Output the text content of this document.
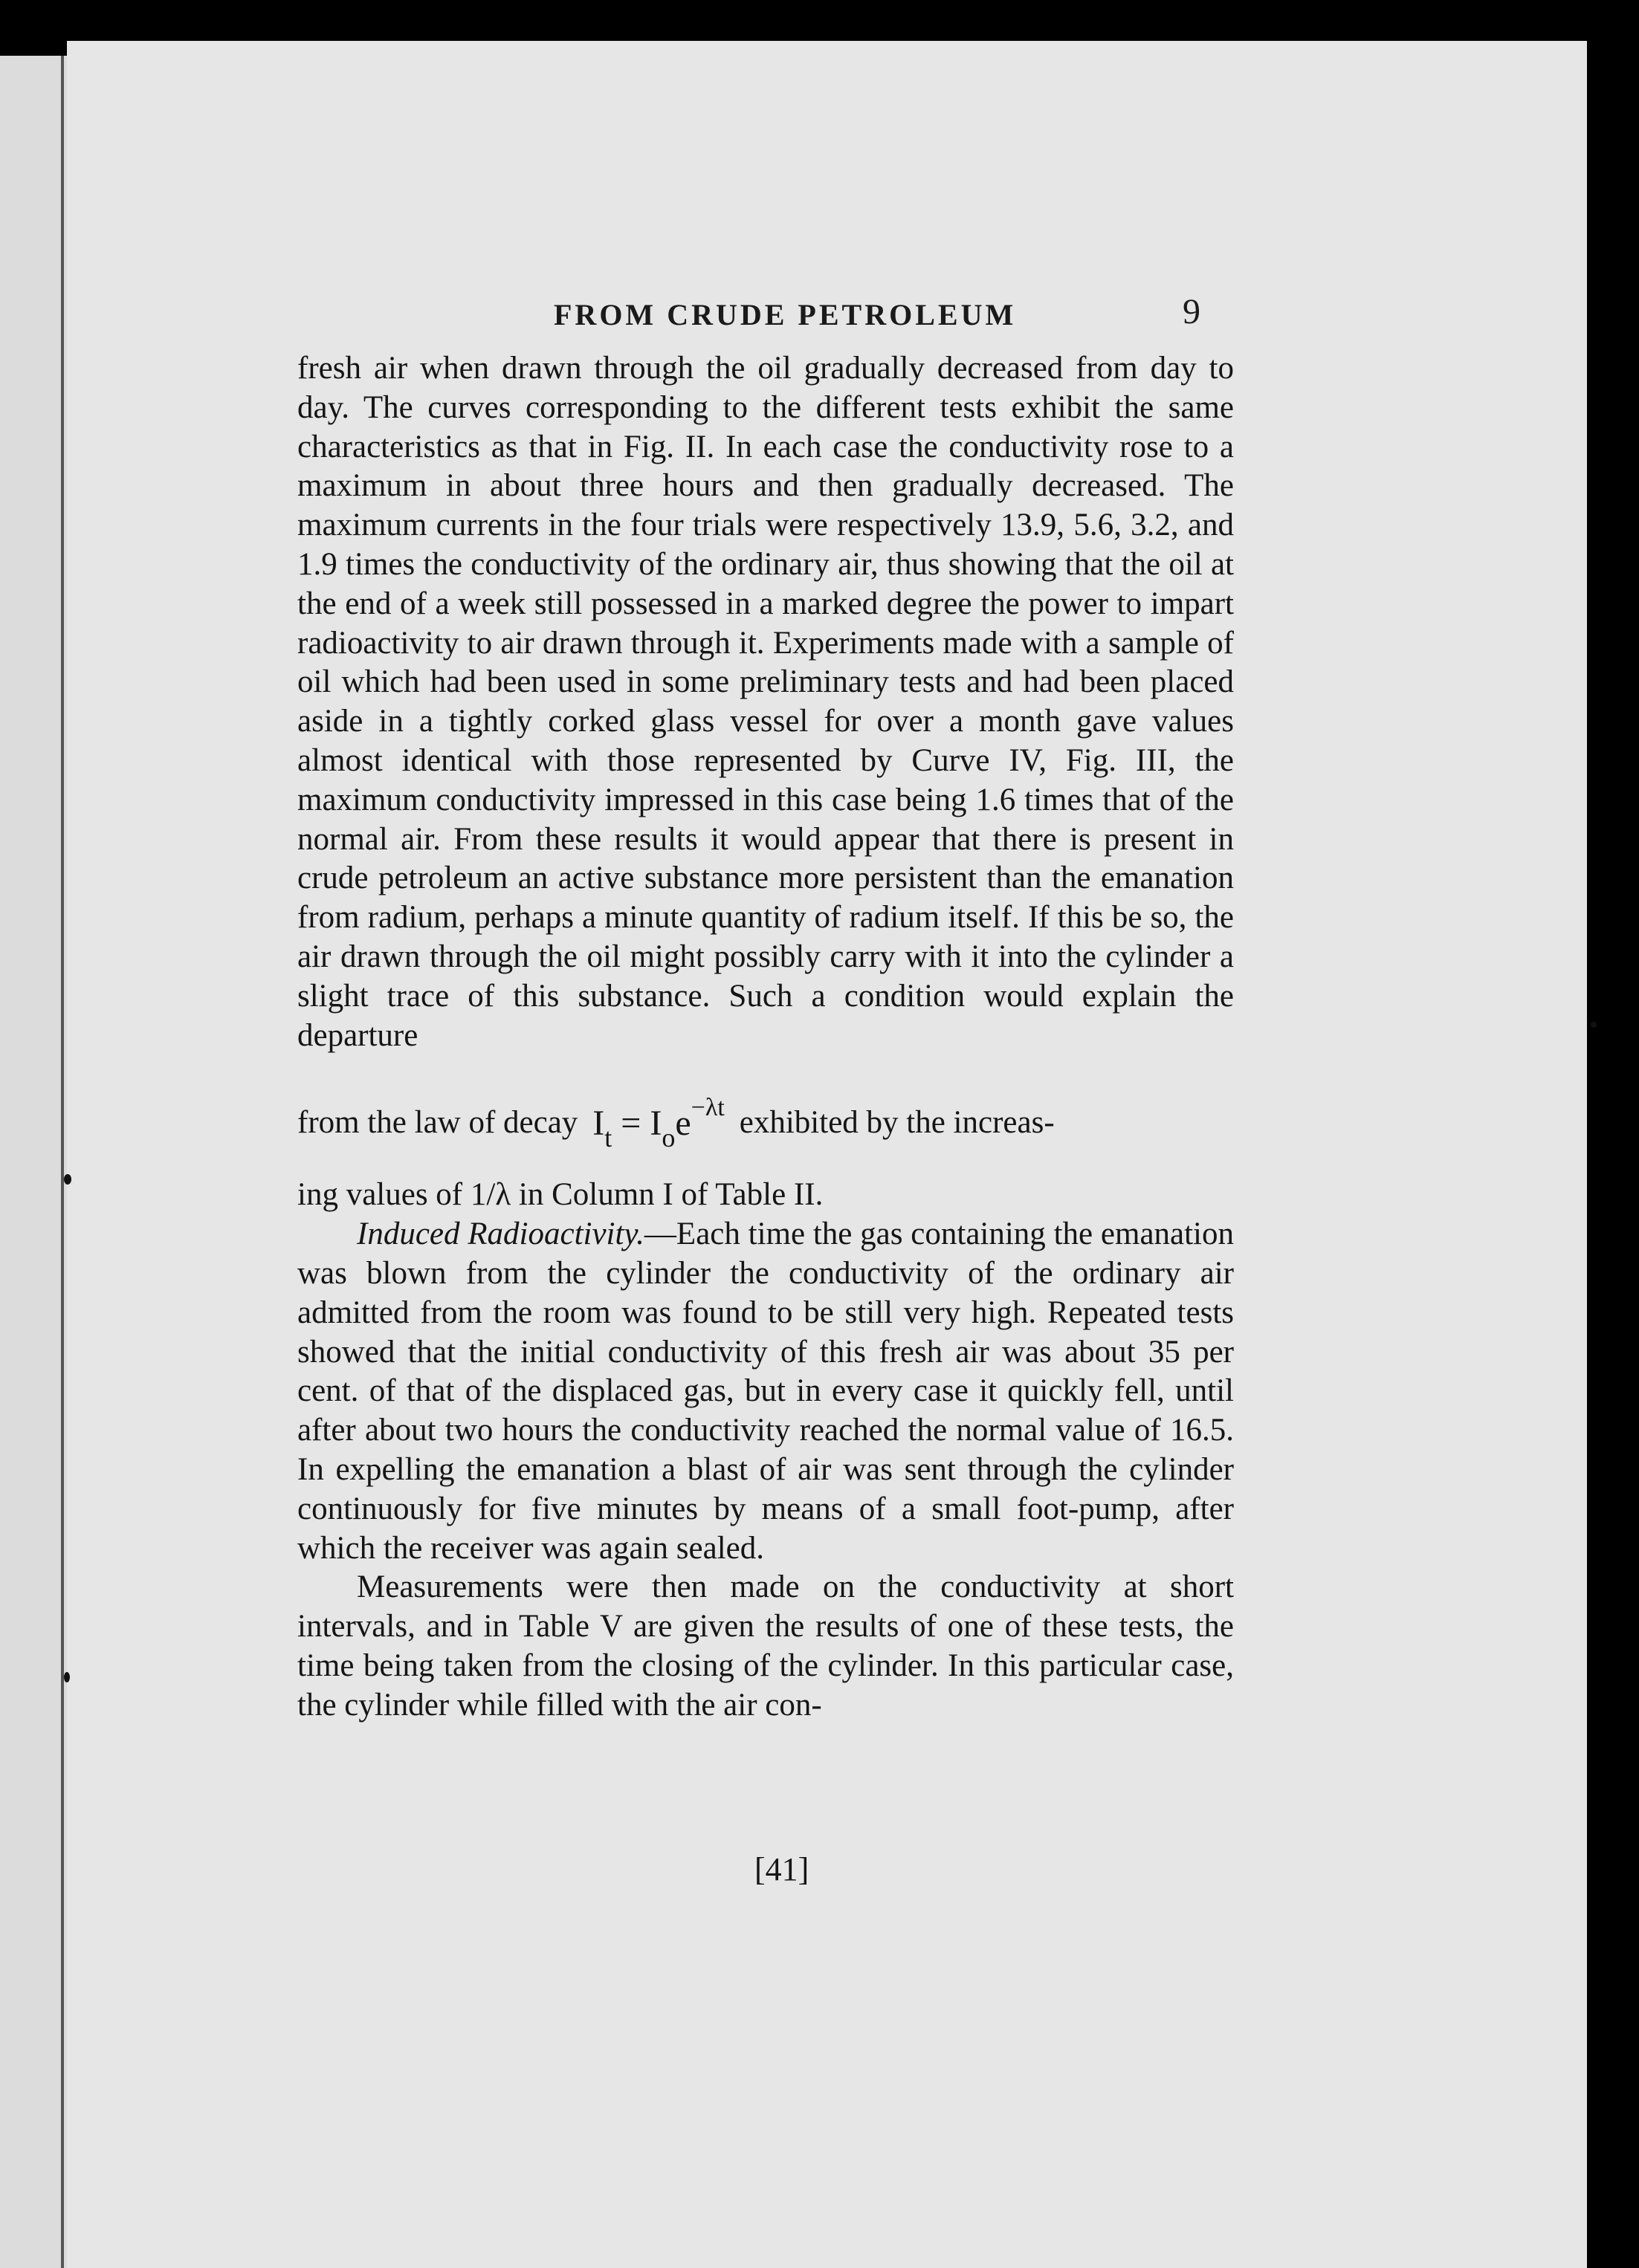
FROM CRUDE PETROLEUM	9

fresh air when drawn through the oil gradually decreased from day to day. The curves corresponding to the different tests exhibit the same characteristics as that in Fig. II. In each case the conductivity rose to a maximum in about three hours and then gradually decreased. The maximum currents in the four trials were respectively 13.9, 5.6, 3.2, and 1.9 times the conductivity of the ordinary air, thus showing that the oil at the end of a week still possessed in a marked degree the power to impart radioactivity to air drawn through it. Experiments made with a sample of oil which had been used in some preliminary tests and had been placed aside in a tightly corked glass vessel for over a month gave values almost identical with those represented by Curve IV, Fig. III, the maximum conductivity impressed in this case being 1.6 times that of the normal air. From these results it would appear that there is present in crude petroleum an active substance more persistent than the emanation from radium, perhaps a minute quantity of radium itself. If this be so, the air drawn through the oil might possibly carry with it into the cylinder a slight trace of this substance. Such a condition would explain the departure

from the law of decay $I_t = I_oe^{-\lambda t}$ exhibited by the increas-

ing values of 1/λ in Column I of Table II.

Induced Radioactivity.—Each time the gas containing the emanation was blown from the cylinder the conductivity of the ordinary air admitted from the room was found to be still very high. Repeated tests showed that the initial conductivity of this fresh air was about 35 per cent. of that of the displaced gas, but in every case it quickly fell, until after about two hours the conductivity reached the normal value of 16.5. In expelling the emanation a blast of air was sent through the cylinder continuously for five minutes by means of a small foot-pump, after which the receiver was again sealed.

Measurements were then made on the conductivity at short intervals, and in Table V are given the results of one of these tests, the time being taken from the closing of the cylinder. In this particular case, the cylinder while filled with the air con-

[41]
